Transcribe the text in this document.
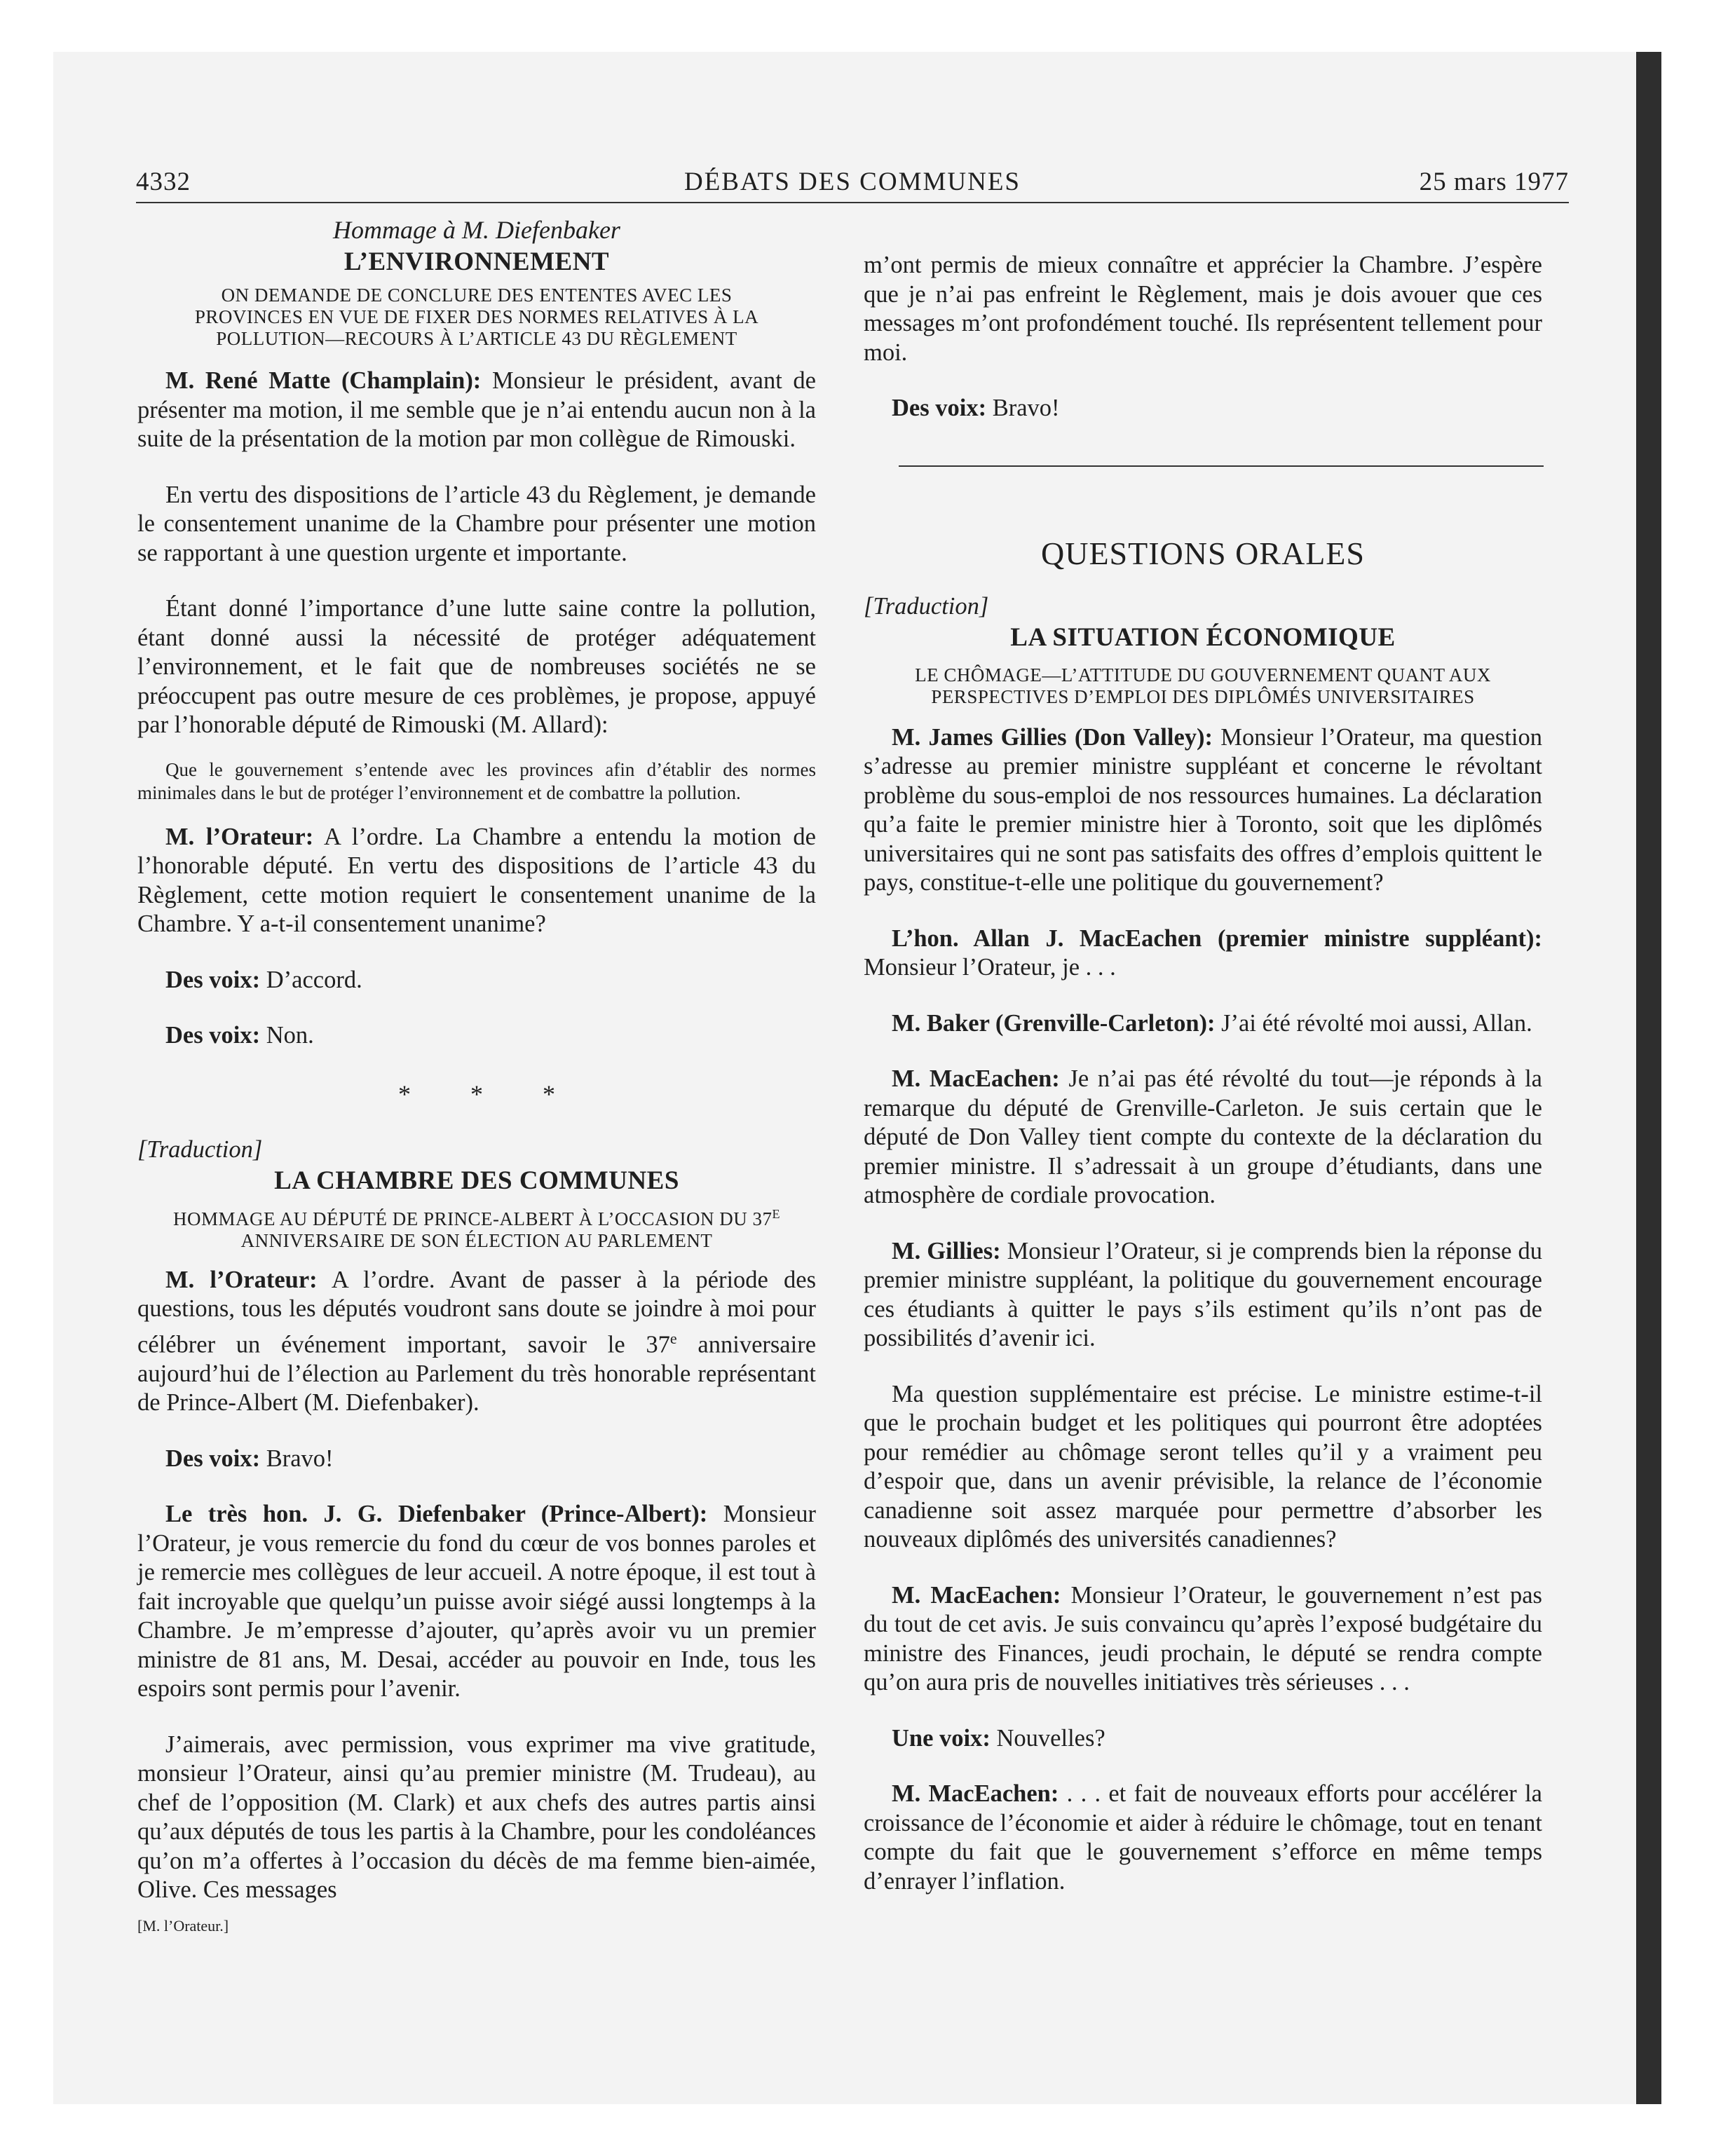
4332	DÉBATS DES COMMUNES	25 mars 1977
Hommage à M. Diefenbaker
L’ENVIRONNEMENT
ON DEMANDE DE CONCLURE DES ENTENTES AVEC LES
PROVINCES EN VUE DE FIXER DES NORMES RELATIVES À LA
POLLUTION—RECOURS À L’ARTICLE 43 DU RÈGLEMENT

M. René Matte (Champlain): Monsieur le président, avant de présenter ma motion, il me semble que je n’ai entendu aucun non à la suite de la présentation de la motion par mon collègue de Rimouski.

En vertu des dispositions de l’article 43 du Règlement, je demande le consentement unanime de la Chambre pour présenter une motion se rapportant à une question urgente et importante.

Étant donné l’importance d’une lutte saine contre la pollution, étant donné aussi la nécessité de protéger adéquatement l’environnement, et le fait que de nombreuses sociétés ne se préoccupent pas outre mesure de ces problèmes, je propose, appuyé par l’honorable député de Rimouski (M. Allard):

Que le gouvernement s’entende avec les provinces afin d’établir des normes minimales dans le but de protéger l’environnement et de combattre la pollution.

M. l’Orateur: A l’ordre. La Chambre a entendu la motion de l’honorable député. En vertu des dispositions de l’article 43 du Règlement, cette motion requiert le consentement unanime de la Chambre. Y a-t-il consentement unanime?

Des voix: D’accord.

Des voix: Non.

* * *
[Traduction]
LA CHAMBRE DES COMMUNES
HOMMAGE AU DÉPUTÉ DE PRINCE-ALBERT À L’OCCASION DU $37^E$
ANNIVERSAIRE DE SON ÉLECTION AU PARLEMENT

M. l’Orateur: A l’ordre. Avant de passer à la période des questions, tous les députés voudront sans doute se joindre à moi pour célébrer un événement important, savoir le 37e anniversaire aujourd’hui de l’élection au Parlement du très honorable représentant de Prince-Albert (M. Diefenbaker).

Des voix: Bravo!

Le très hon. J. G. Diefenbaker (Prince-Albert): Monsieur l’Orateur, je vous remercie du fond du cœur de vos bonnes paroles et je remercie mes collègues de leur accueil. A notre époque, il est tout à fait incroyable que quelqu’un puisse avoir siégé aussi longtemps à la Chambre. Je m’empresse d’ajouter, qu’après avoir vu un premier ministre de 81 ans, M. Desai, accéder au pouvoir en Inde, tous les espoirs sont permis pour l’avenir.

J’aimerais, avec permission, vous exprimer ma vive gratitude, monsieur l’Orateur, ainsi qu’au premier ministre (M. Trudeau), au chef de l’opposition (M. Clark) et aux chefs des autres partis ainsi qu’aux députés de tous les partis à la Chambre, pour les condoléances qu’on m’a offertes à l’occasion du décès de ma femme bien-aimée, Olive. Ces messages

[M. l’Orateur.]

m’ont permis de mieux connaître et apprécier la Chambre. J’espère que je n’ai pas enfreint le Règlement, mais je dois avouer que ces messages m’ont profondément touché. Ils représentent tellement pour moi.

Des voix: Bravo!

QUESTIONS ORALES
[Traduction]
LA SITUATION ÉCONOMIQUE
LE CHÔMAGE—L’ATTITUDE DU GOUVERNEMENT QUANT AUX
PERSPECTIVES D’EMPLOI DES DIPLÔMÉS UNIVERSITAIRES

M. James Gillies (Don Valley): Monsieur l’Orateur, ma question s’adresse au premier ministre suppléant et concerne le révoltant problème du sous-emploi de nos ressources humaines. La déclaration qu’a faite le premier ministre hier à Toronto, soit que les diplômés universitaires qui ne sont pas satisfaits des offres d’emplois quittent le pays, constitue-t-elle une politique du gouvernement?

L’hon. Allan J. MacEachen (premier ministre suppléant): Monsieur l’Orateur, je . . .

M. Baker (Grenville-Carleton): J’ai été révolté moi aussi, Allan.

M. MacEachen: Je n’ai pas été révolté du tout—je réponds à la remarque du député de Grenville-Carleton. Je suis certain que le député de Don Valley tient compte du contexte de la déclaration du premier ministre. Il s’adressait à un groupe d’étudiants, dans une atmosphère de cordiale provocation.

M. Gillies: Monsieur l’Orateur, si je comprends bien la réponse du premier ministre suppléant, la politique du gouvernement encourage ces étudiants à quitter le pays s’ils estiment qu’ils n’ont pas de possibilités d’avenir ici.

Ma question supplémentaire est précise. Le ministre estime-t-il que le prochain budget et les politiques qui pourront être adoptées pour remédier au chômage seront telles qu’il y a vraiment peu d’espoir que, dans un avenir prévisible, la relance de l’économie canadienne soit assez marquée pour permettre d’absorber les nouveaux diplômés des universités canadiennes?

M. MacEachen: Monsieur l’Orateur, le gouvernement n’est pas du tout de cet avis. Je suis convaincu qu’après l’exposé budgétaire du ministre des Finances, jeudi prochain, le député se rendra compte qu’on aura pris de nouvelles initiatives très sérieuses . . .

Une voix: Nouvelles?

M. MacEachen: . . . et fait de nouveaux efforts pour accélérer la croissance de l’économie et aider à réduire le chômage, tout en tenant compte du fait que le gouvernement s’efforce en même temps d’enrayer l’inflation.
